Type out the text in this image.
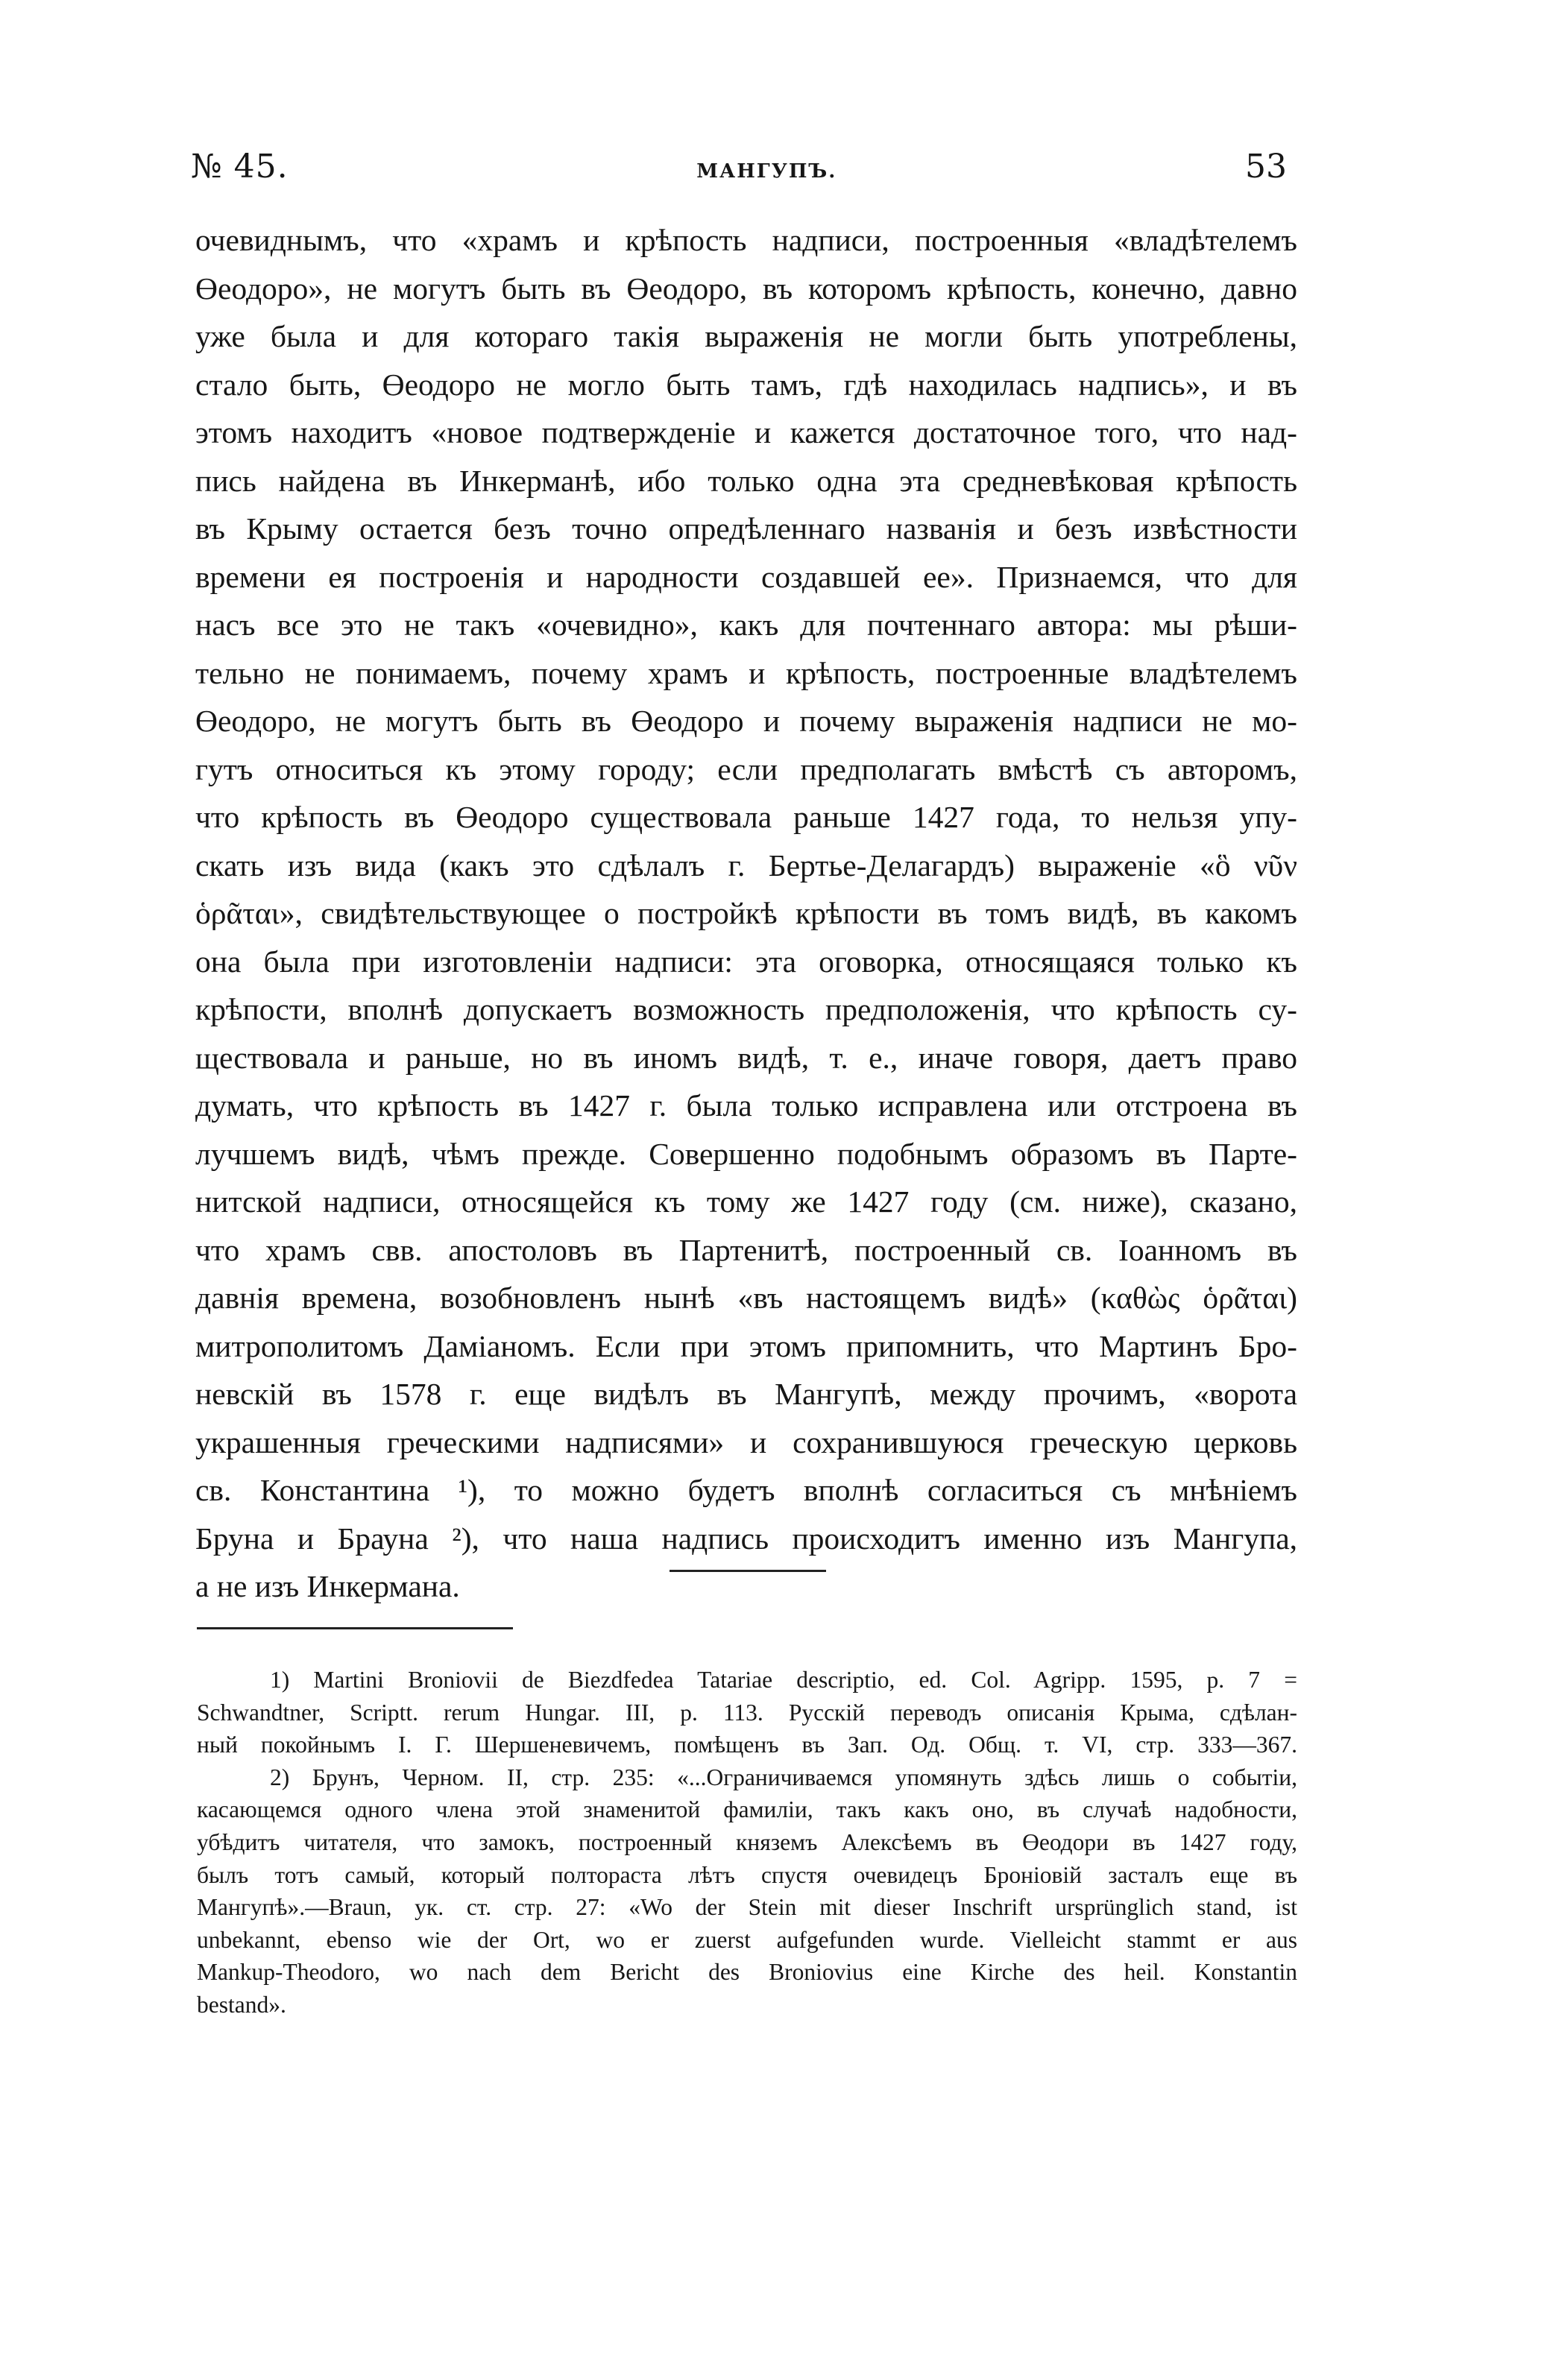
№ 45.	МАНГУПЪ.	53

очевиднымъ, что «храмъ и крѣпость надписи, построенныя «владѣтелемъ

Өеодоро», не могутъ быть въ Өеодоро, въ которомъ крѣпость, конечно, давно

уже была и для котораго такія выраженія не могли быть употреблены,

стало быть, Өеодоро не могло быть тамъ, гдѣ находилась надпись», и въ

этомъ находитъ «новое подтвержденіе и кажется достаточное того, что над-

пись найдена въ Инкерманѣ, ибо только одна эта средневѣковая крѣпость

въ Крыму остается безъ точно опредѣленнаго названія и безъ извѣстности

времени ея построенія и народности создавшей ее». Признаемся, что для

насъ все это не такъ «очевидно», какъ для почтеннаго автора: мы рѣши-

тельно не понимаемъ, почему храмъ и крѣпость, построенные владѣтелемъ

Өеодоро, не могутъ быть въ Өеодоро и почему выраженія надписи не мо-

гутъ относиться къ этому городу; если предполагать вмѣстѣ съ авторомъ,

что крѣпость въ Өеодоро существовала раньше 1427 года, то нельзя упу-

скать изъ вида (какъ это сдѣлалъ г. Бертье-Делагардъ) выраженіе «ὃ νῦν

ὁρᾶται», свидѣтельствующее о постройкѣ крѣпости въ томъ видѣ, въ какомъ

она была при изготовленіи надписи: эта оговорка, относящаяся только къ

крѣпости, вполнѣ допускаетъ возможность предположенія, что крѣпость су-

ществовала и раньше, но въ иномъ видѣ, т. е., иначе говоря, даетъ право

думать, что крѣпость въ 1427 г. была только исправлена или отстроена въ

лучшемъ видѣ, чѣмъ прежде. Совершенно подобнымъ образомъ въ Парте-

нитской надписи, относящейся къ тому же 1427 году (см. ниже), сказано,

что храмъ свв. апостоловъ въ Партенитѣ, построенный св. Іоанномъ въ

давнія времена, возобновленъ нынѣ «въ настоящемъ видѣ» (καθὼς ὁρᾶται)

митрополитомъ Даміаномъ. Если при этомъ припомнить, что Мартинъ Бро-

невскій въ 1578 г. еще видѣлъ въ Мангупѣ, между прочимъ, «ворота

украшенныя греческими надписями» и сохранившуюся греческую церковь

св. Константина ¹), то можно будетъ вполнѣ согласиться съ мнѣніемъ

Бруна и Брауна ²), что наша надпись происходитъ именно изъ Мангупа,

а не изъ Инкермана.

1) Martini Broniovii de Biezdfedea Tatariae descriptio, ed. Col. Agripp. 1595, p. 7 =

Schwandtner, Scriptt. rerum Hungar. III, p. 113. Русскій переводъ описанія Крыма, сдѣлан-

ный покойнымъ І. Г. Шершеневичемъ, помѣщенъ въ Зап. Од. Общ. т. VI, стр. 333—367.

2) Брунъ, Черном. II, стр. 235: «...Ограничиваемся упомянуть здѣсь лишь о событіи,

касающемся одного члена этой знаменитой фамиліи, такъ какъ оно, въ случаѣ надобности,

убѣдитъ читателя, что замокъ, построенный княземъ Алексѣемъ въ Өеодори въ 1427 году,

былъ тотъ самый, который полтораста лѣтъ спустя очевидецъ Броніовій засталъ еще въ

Мангупѣ».—Braun, ук. ст. стр. 27: «Wo der Stein mit dieser Inschrift ursprünglich stand, ist

unbekannt, ebenso wie der Ort, wo er zuerst aufgefunden wurde. Vielleicht stammt er aus

Mankup-Theodoro, wo nach dem Bericht des Broniovius eine Kirche des heil. Konstantin

bestand».
